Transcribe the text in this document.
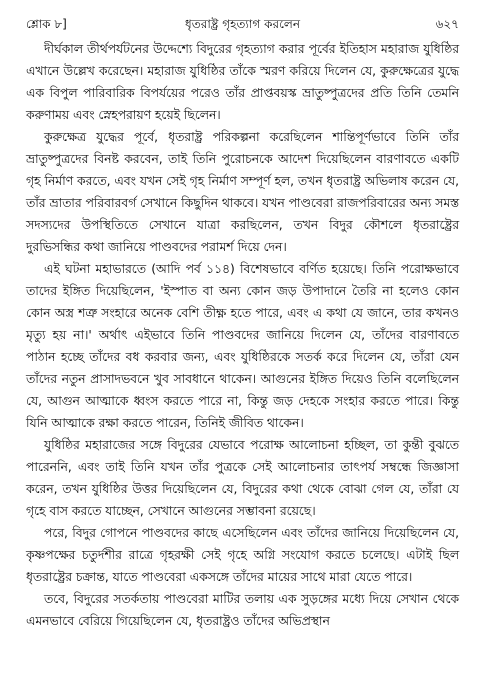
শ্লোক ৮]	ধৃতরাষ্ট্র গৃহত্যাগ করলেন	৬২৭

দীর্ঘকাল তীর্থপর্যটনের উদ্দেশ্যে বিদুরের গৃহত্যাগ করার পূর্বের ইতিহাস মহারাজ যুধিষ্ঠির এখানে উল্লেখ করেছেন। মহারাজ যুধিষ্ঠির তাঁকে স্মরণ করিয়ে দিলেন যে, কুরুক্ষেত্রের যুদ্ধে এক বিপুল পারিবারিক বিপর্যয়ের পরেও তাঁর প্রাপ্তবয়স্ক ভ্রাতুষ্পুত্রদের প্রতি তিনি তেমনি করুণাময় এবং স্নেহপরায়ণ হয়েই ছিলেন।

কুরুক্ষেত্র যুদ্ধের পূর্বে, ধৃতরাষ্ট্র পরিকল্পনা করেছিলেন শান্তিপূর্ণভাবে তিনি তাঁর ভ্রাতুষ্পুত্রদের বিনষ্ট করবেন, তাই তিনি পুরোচনকে আদেশ দিয়েছিলেন বারণাবতে একটি গৃহ নির্মাণ করতে, এবং যখন সেই গৃহ নির্মাণ সম্পূর্ণ হল, তখন ধৃতরাষ্ট্র অভিলাষ করেন যে, তাঁর ভ্রাতার পরিবারবর্গ সেখানে কিছুদিন থাকবে। যখন পাণ্ডবেরা রাজপরিবারের অন্য সমস্ত সদস্যদের উপস্থিতিতে সেখানে যাত্রা করছিলেন, তখন বিদুর কৌশলে ধৃতরাষ্ট্রের দুরভিসন্ধির কথা জানিয়ে পাণ্ডবদের পরামর্শ দিয়ে দেন।

এই ঘটনা মহাভারতে (আদি পর্ব ১১৪) বিশেষভাবে বর্ণিত হয়েছে। তিনি পরোক্ষভাবে তাদের ইঙ্গিত দিয়েছিলেন, 'ইস্পাত বা অন্য কোন জড় উপাদানে তৈরি না হলেও কোন কোন অস্ত্র শত্রু সংহারে অনেক বেশি তীক্ষ্ণ হতে পারে, এবং এ কথা যে জানে, তার কখনও মৃত্যু হয় না।' অর্থাৎ এইভাবে তিনি পাণ্ডবদের জানিয়ে দিলেন যে, তাঁদের বারণাবতে পাঠান হচ্ছে তাঁদের বধ করবার জন্য, এবং যুধিষ্ঠিরকে সতর্ক করে দিলেন যে, তাঁরা যেন তাঁদের নতুন প্রাসাদভবনে খুব সাবধানে থাকেন। আগুনের ইঙ্গিত দিয়েও তিনি বলেছিলেন যে, আগুন আত্মাকে ধ্বংস করতে পারে না, কিন্তু জড় দেহকে সংহার করতে পারে। কিন্তু যিনি আত্মাকে রক্ষা করতে পারেন, তিনিই জীবিত থাকেন।

যুধিষ্ঠির মহারাজের সঙ্গে বিদুরের যেভাবে পরোক্ষ আলোচনা হচ্ছিল, তা কুন্তী বুঝতে পারেননি, এবং তাই তিনি যখন তাঁর পুত্রকে সেই আলোচনার তাৎপর্য সম্বন্ধে জিজ্ঞাসা করেন, তখন যুধিষ্ঠির উত্তর দিয়েছিলেন যে, বিদুরের কথা থেকে বোঝা গেল যে, তাঁরা যে গৃহে বাস করতে যাচ্ছেন, সেখানে আগুনের সম্ভাবনা রয়েছে।

পরে, বিদুর গোপনে পাণ্ডবদের কাছে এসেছিলেন এবং তাঁদের জানিয়ে দিয়েছিলেন যে, কৃষ্ণপক্ষের চতুর্দশীর রাত্রে গৃহরক্ষী সেই গৃহে অগ্নি সংযোগ করতে চলেছে। এটাই ছিল ধৃতরাষ্ট্রের চক্রান্ত, যাতে পাণ্ডবেরা একসঙ্গে তাঁদের মায়ের সাথে মারা যেতে পারে।

তবে, বিদুরের সতর্কতায় পাণ্ডবেরা মাটির তলায় এক সুড়ঙ্গের মধ্যে দিয়ে সেখান থেকে এমনভাবে বেরিয়ে গিয়েছিলেন যে, ধৃতরাষ্ট্রও তাঁদের অভিপ্রস্থান
